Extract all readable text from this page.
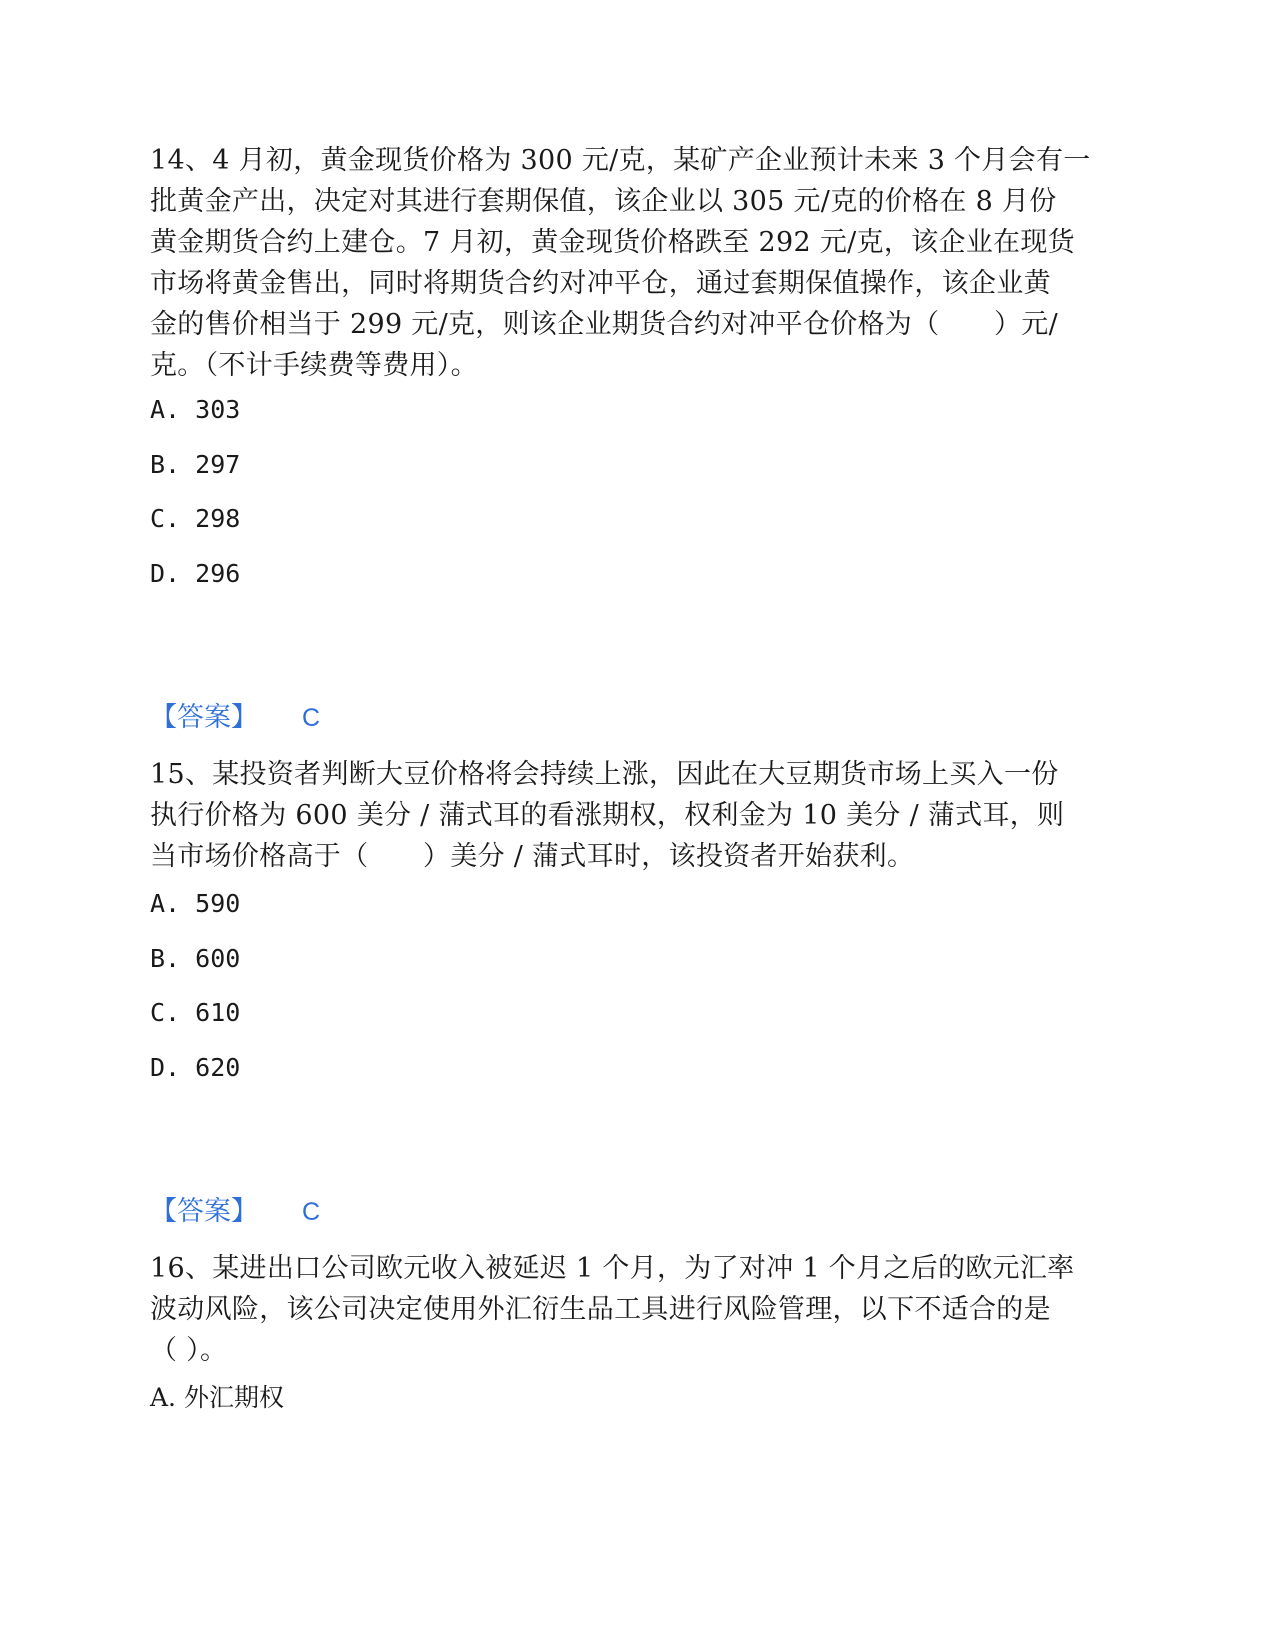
14、4 月初，黄金现货价格为 300 元/克，某矿产企业预计未来 3 个月会有一

批黄金产出，决定对其进行套期保值，该企业以 305 元/克的价格在 8 月份

黄金期货合约上建仓。7 月初，黄金现货价格跌至 292 元/克，该企业在现货

市场将黄金售出，同时将期货合约对冲平仓，通过套期保值操作，该企业黄

金的售价相当于 299 元/克，则该企业期货合约对冲平仓价格为（　　）元/

克。（不计手续费等费用）。

A. 303
B. 297
C. 298
D. 296
【答案】 C

15、某投资者判断大豆价格将会持续上涨，因此在大豆期货市场上买入一份

执行价格为 600 美分 / 蒲式耳的看涨期权，权利金为 10 美分 / 蒲式耳，则

当市场价格高于（　　）美分 / 蒲式耳时，该投资者开始获利。

A. 590
B. 600
C. 610
D. 620
【答案】 C

16、某进出口公司欧元收入被延迟 1 个月，为了对冲 1 个月之后的欧元汇率

波动风险，该公司决定使用外汇衍生品工具进行风险管理，以下不适合的是

（ ）。

A. 外汇期权
